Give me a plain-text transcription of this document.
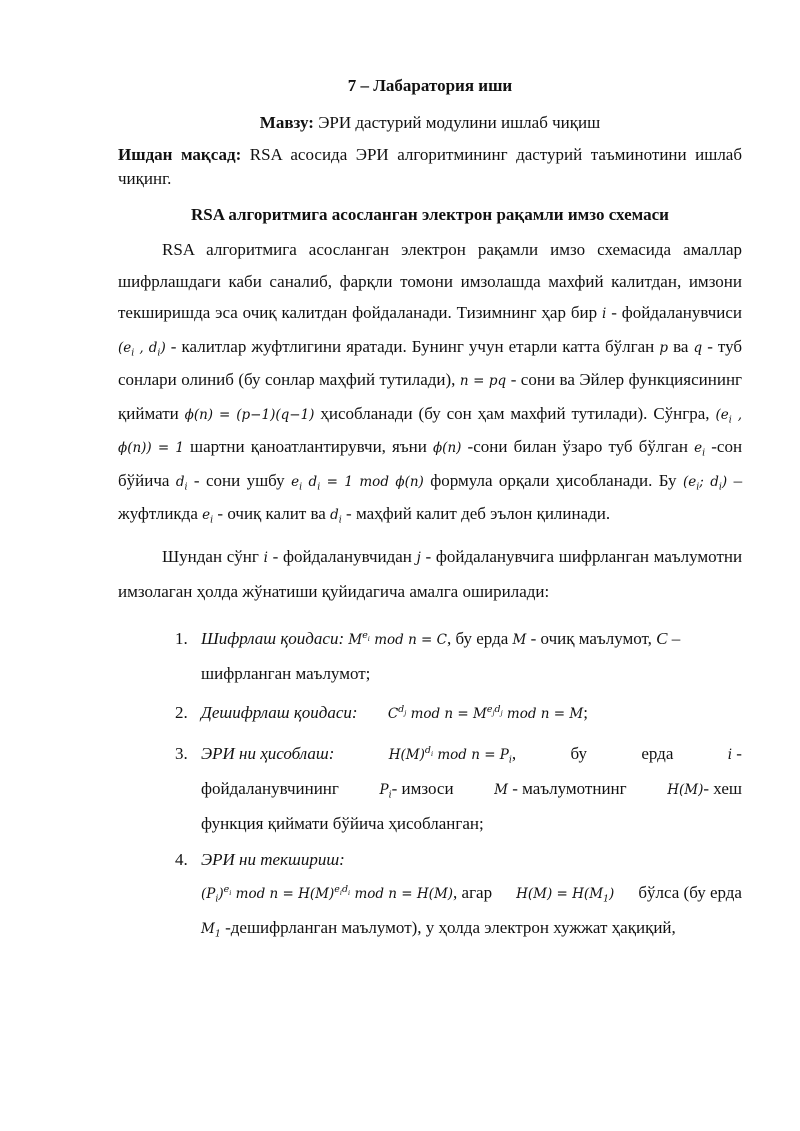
7 – Лабаратория иши

Мавзу: ЭРИ дастурий модулини ишлаб чиқиш

Ишдан мақсад: RSA асосида ЭРИ алгоритмининг дастурий таъминотини ишлаб чиқинг.

RSA алгоритмига асосланган электрон рақамли имзо схемаси

RSA алгоритмига асосланган электрон рақамли имзо схемасида амаллар шифрлашдаги каби саналиб, фарқли томони имзолашда махфий калитдан, имзони текширишда эса очиқ калитдан фойдаланади. Тизимнинг ҳар бир i - фойдаланувчиси ($e_i$ , $d_i$) - калитлар жуфтлигини яратади. Бунинг учун етарли катта бўлган p ва q - туб сонлари олиниб (бу сонлар маҳфий тутилади), n = pq - сони ва Эйлер функциясининг қиймати ϕ(n) = (p−1)(q−1) ҳисобланади (бу сон ҳам махфий тутилади). Сўнгра, ($e_i$ , ϕ(n)) = 1 шартни қаноатлантирувчи, яъни ϕ(n) -сони билан ўзаро туб бўлган $e_i$ -сон бўйича $d_i$ - сони ушбу $e_i$ $d_i = 1$ mod ϕ(n) формула орқали ҳисобланади. Бу ($e_i$; $d_i$) – жуфтликда $e_i$ - очиқ калит ва $d_i$ - маҳфий калит деб эълон қилинади.

Шундан сўнг i - фойдаланувчидан j - фойдаланувчига шифрланган маълумотни имзолаган ҳолда жўнатиши қуйидагича амалга оширилади:

1. Шифрлаш қоидаси: $M^{e_i}$ mod n = C, бу ерда M - очиқ маълумот, C –
шифрланган маълумот;
2. Дешифрлаш қоидаси: $C^{d_j}$ mod $n = M^{e_jd_j}$ mod n = M;
3. ЭРИ ни ҳисоблаш:	$H(M)^{d_i}$ mod $n = P_i$,	бу	ерда	i -
фойдаланувчининг	$P_i-$ имзоси	M - маълумотнинг	H(M)- хеш
функция қиймати бўйича ҳисобланган;
4. ЭРИ ни текшириш:
$(P_i)^{e_i}$ mod $n = H(M)^{e_id_i}$ mod n = H(M), агар $H(M) = H(M_1)$ бўлса (бу ерда

$M_1$ -дешифрланган маълумот), у ҳолда электрон хужжат ҳақиқий,
